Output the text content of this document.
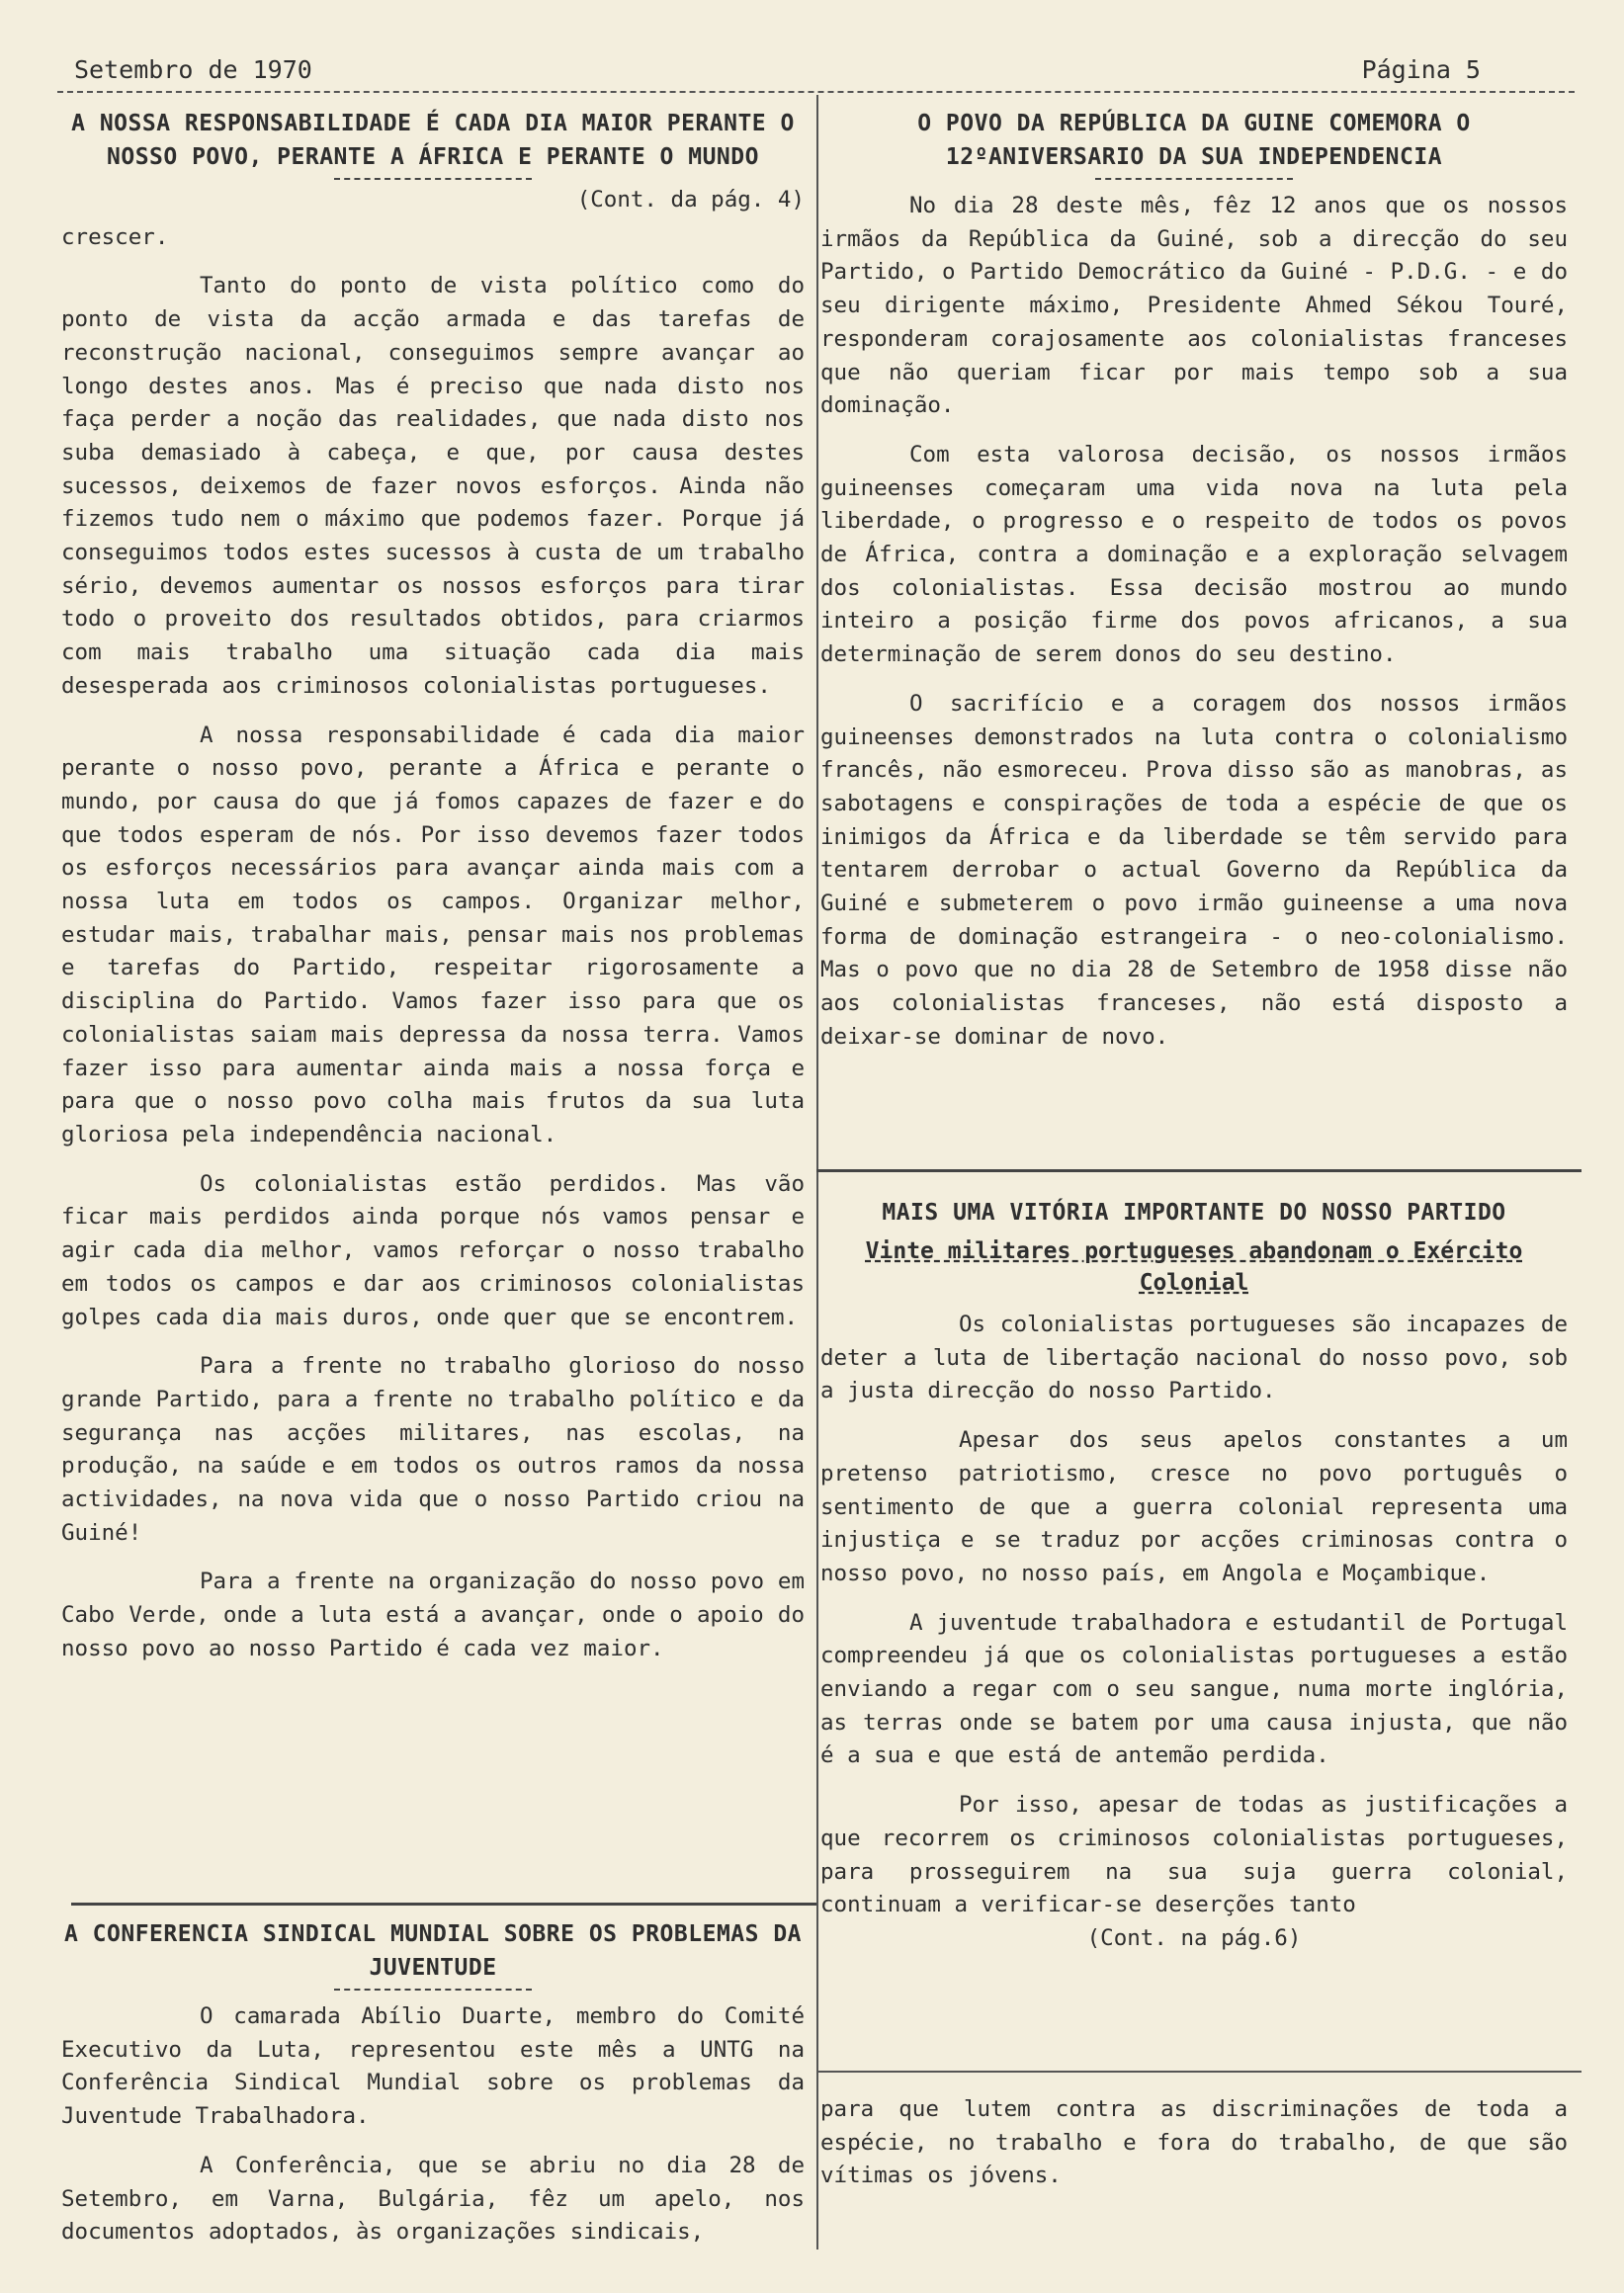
Setembro de 1970	Página 5
A NOSSA RESPONSABILIDADE É CADA DIA MAIOR PERANTE O NOSSO POVO, PERANTE A ÁFRICA E PERANTE O MUNDO
(Cont. da pág. 4)

crescer.

Tanto do ponto de vista político como do ponto de vista da acção armada e das tarefas de reconstrução nacional, conseguimos sempre avançar ao longo destes anos. Mas é preciso que nada disto nos faça perder a noção das realidades, que nada disto nos suba demasiado à cabeça, e que, por causa destes sucessos, deixemos de fazer novos esforços. Ainda não fizemos tudo nem o máximo que podemos fazer. Porque já conseguimos todos estes sucessos à custa de um trabalho sério, devemos aumentar os nossos esforços para tirar todo o proveito dos resultados obtidos, para criarmos com mais trabalho uma situação cada dia mais desesperada aos criminosos colonialistas portugueses.

A nossa responsabilidade é cada dia maior perante o nosso povo, perante a África e perante o mundo, por causa do que já fomos capazes de fazer e do que todos esperam de nós. Por isso devemos fazer todos os esforços necessários para avançar ainda mais com a nossa luta em todos os campos. Organizar melhor, estudar mais, trabalhar mais, pensar mais nos problemas e tarefas do Partido, respeitar rigorosamente a disciplina do Partido. Vamos fazer isso para que os colonialistas saiam mais depressa da nossa terra. Vamos fazer isso para aumentar ainda mais a nossa força e para que o nosso povo colha mais frutos da sua luta gloriosa pela independência nacional.

Os colonialistas estão perdidos. Mas vão ficar mais perdidos ainda porque nós vamos pensar e agir cada dia melhor, vamos reforçar o nosso trabalho em todos os campos e dar aos criminosos colonialistas golpes cada dia mais duros, onde quer que se encontrem.

Para a frente no trabalho glorioso do nosso grande Partido, para a frente no trabalho político e da segurança nas acções militares, nas escolas, na produção, na saúde e em todos os outros ramos da nossa actividades, na nova vida que o nosso Partido criou na Guiné!

Para a frente na organização do nosso povo em Cabo Verde, onde a luta está a avançar, onde o apoio do nosso povo ao nosso Partido é cada vez maior.

A CONFERENCIA SINDICAL MUNDIAL SOBRE OS PROBLEMAS DA JUVENTUDE

O camarada Abílio Duarte, membro do Comité Executivo da Luta, representou este mês a UNTG na Conferência Sindical Mundial sobre os problemas da Juventude Trabalhadora.

A Conferência, que se abriu no dia 28 de Setembro, em Varna, Bulgária, fêz um apelo, nos documentos adoptados, às organizações sindicais,

O POVO DA REPÚBLICA DA GUINE COMEMORA O 12ºANIVERSARIO DA SUA INDEPENDENCIA

No dia 28 deste mês, fêz 12 anos que os nossos irmãos da República da Guiné, sob a direcção do seu Partido, o Partido Democrático da Guiné - P.D.G. - e do seu dirigente máximo, Presidente Ahmed Sékou Touré, responderam corajosamente aos colonialistas franceses que não queriam ficar por mais tempo sob a sua dominação.

Com esta valorosa decisão, os nossos irmãos guineenses começaram uma vida nova na luta pela liberdade, o progresso e o respeito de todos os povos de África, contra a dominação e a exploração selvagem dos colonialistas. Essa decisão mostrou ao mundo inteiro a posição firme dos povos africanos, a sua determinação de serem donos do seu destino.

O sacrifício e a coragem dos nossos irmãos guineenses demonstrados na luta contra o colonialismo francês, não esmoreceu. Prova disso são as manobras, as sabotagens e conspirações de toda a espécie de que os inimigos da África e da liberdade se têm servido para tentarem derrobar o actual Governo da República da Guiné e submeterem o povo irmão guineense a uma nova forma de dominação estrangeira - o neo-colonialismo. Mas o povo que no dia 28 de Setembro de 1958 disse não aos colonialistas franceses, não está disposto a deixar-se dominar de novo.

MAIS UMA VITÓRIA IMPORTANTE DO NOSSO PARTIDO
Vinte militares portugueses abandonam o Exército Colonial

Os colonialistas portugueses são incapazes de deter a luta de libertação nacional do nosso povo, sob a justa direcção do nosso Partido.

Apesar dos seus apelos constantes a um pretenso patriotismo, cresce no povo português o sentimento de que a guerra colonial representa uma injustiça e se traduz por acções criminosas contra o nosso povo, no nosso país, em Angola e Moçambique.

A juventude trabalhadora e estudantil de Portugal compreendeu já que os colonialistas portugueses a estão enviando a regar com o seu sangue, numa morte inglória, as terras onde se batem por uma causa injusta, que não é a sua e que está de antemão perdida.

Por isso, apesar de todas as justificações a que recorrem os criminosos colonialistas portugueses, para prosseguirem na sua suja guerra colonial, continuam a verificar-se deserções tanto

(Cont. na pág.6)

para que lutem contra as discriminações de toda a espécie, no trabalho e fora do trabalho, de que são vítimas os jóvens.
